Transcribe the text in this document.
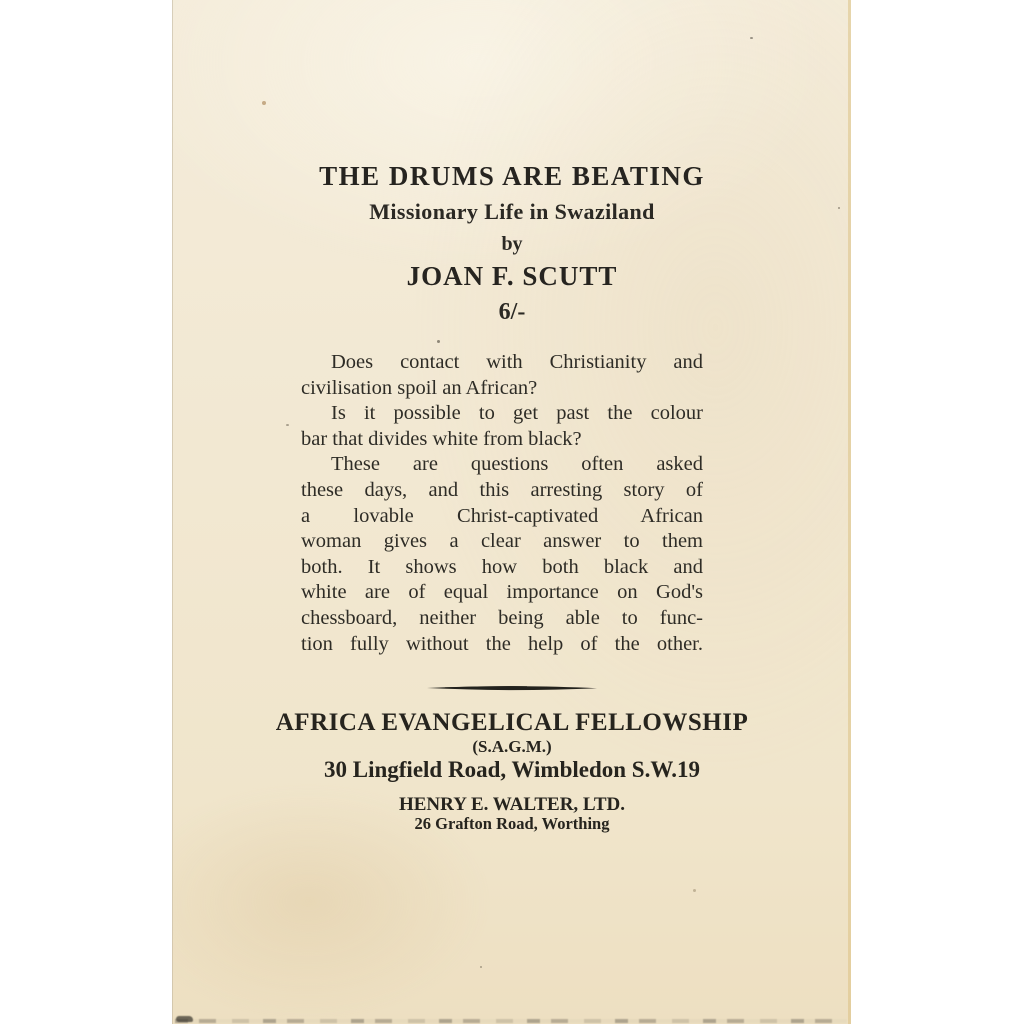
THE DRUMS ARE BEATING
Missionary Life in Swaziland
by
JOAN F. SCUTT
6/-
Does contact with Christianity and
civilisation spoil an African?
Is it possible to get past the colour
bar that divides white from black?
These are questions often asked
these days, and this arresting story of
a lovable Christ-captivated African
woman gives a clear answer to them
both. It shows how both black and
white are of equal importance on God's
chessboard, neither being able to func-
tion fully without the help of the other.
AFRICA EVANGELICAL FELLOWSHIP
(S.A.G.M.)
30 Lingfield Road, Wimbledon S.W.19
HENRY E. WALTER, LTD.
26 Grafton Road, Worthing
